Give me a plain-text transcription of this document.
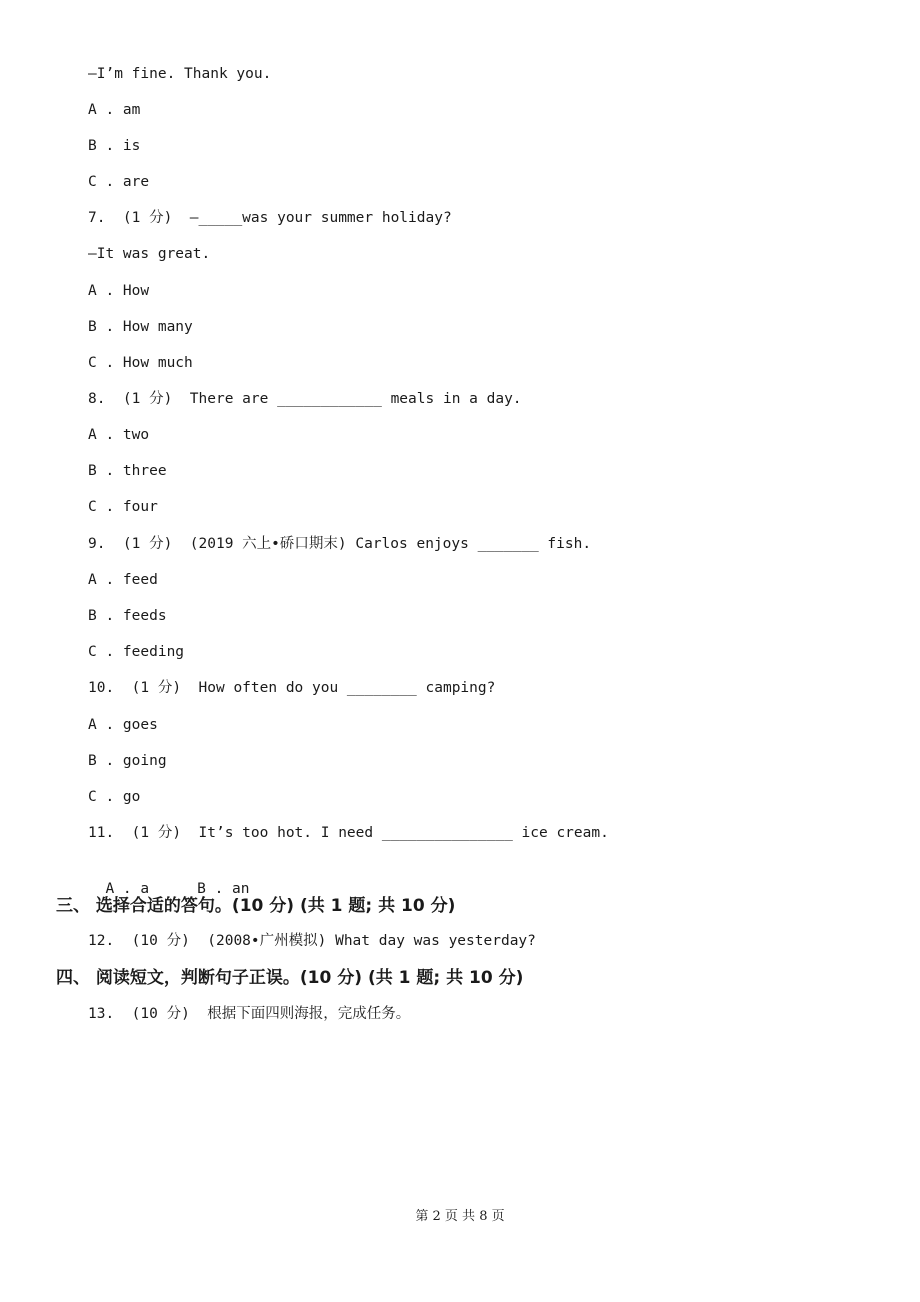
—I’m fine. Thank you.
A . am
B . is
C . are
7.  (1 分)  —_____was your summer holiday?
—It was great.
A . How
B . How many
C . How much
8.  (1 分)  There are ____________ meals in a day.
A . two
B . three
C . four
9.  (1 分)  (2019 六上•硚口期末) Carlos enjoys _______ fish.
A . feed
B . feeds
C . feeding
10.  (1 分)  How often do you ________ camping?
A . goes
B . going
C . go
11.  (1 分)  It’s too hot. I need _______________ ice cream.

A . a	B . an

三、 选择合适的答句。(10 分) (共 1 题; 共 10 分)
12.  (10 分)  (2008•广州模拟) What day was yesterday?
四、 阅读短文，判断句子正误。(10 分) (共 1 题; 共 10 分)
13.  (10 分)  根据下面四则海报，完成任务。
第 2 页 共 8 页
